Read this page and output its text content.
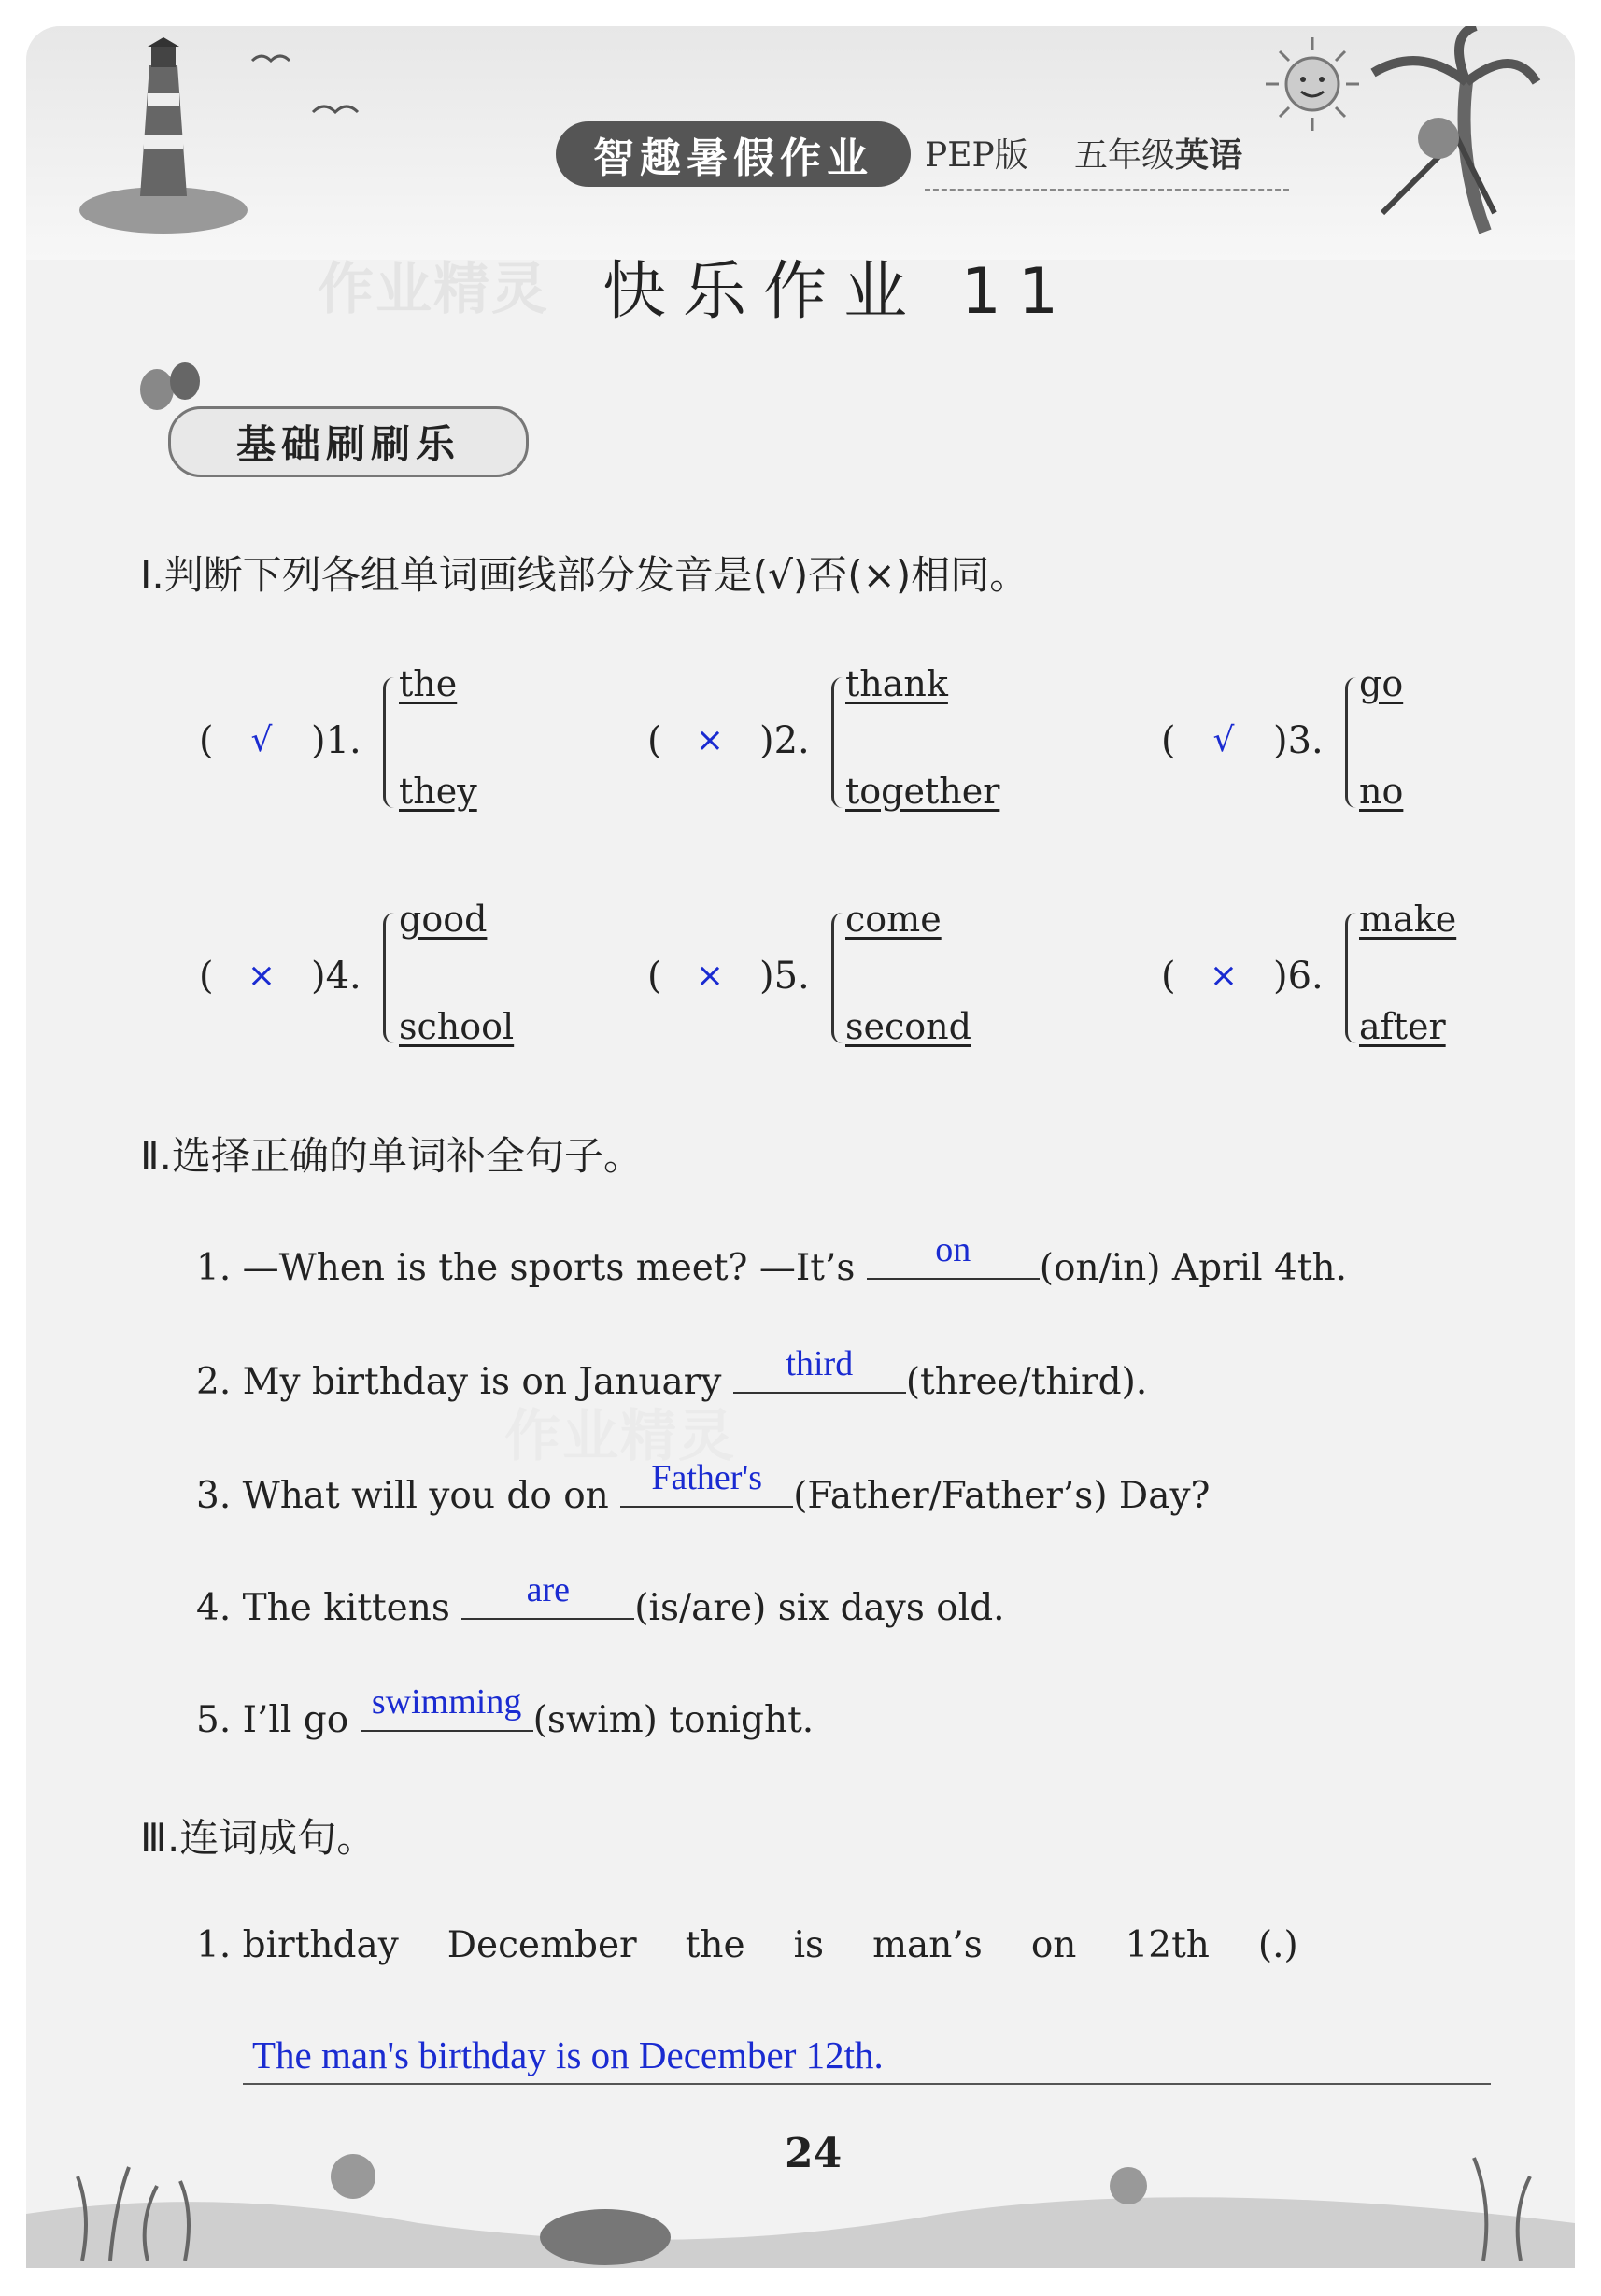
智趣暑假作业	PEP版 五年级英语
作业精灵 快乐作业 11
基础刷刷乐
Ⅰ.判断下列各组单词画线部分发音是(√)否(×)相同。
(	√	)1.
the
they
(	× )2.
thank
together
(	√	)3.
go
no
(	× )4.
good
school
(	× )5.
come
second
(	× )6.
make
after
Ⅱ.选择正确的单词补全句子。
1. —When is the sports meet? —It’s	on	(on/in) April 4th.
2. My birthday is on January	third	(three/third).
3. What will you do on Father's (Father/Father’s) Day?
4. The kittens	are	(is/are) six days old.
5. I’ll go swimming (swim) tonight.
作业精灵
Ⅲ.连词成句。
1. birthday December the is man’s on 12th (.)
The man's birthday is on December 12th.
24
